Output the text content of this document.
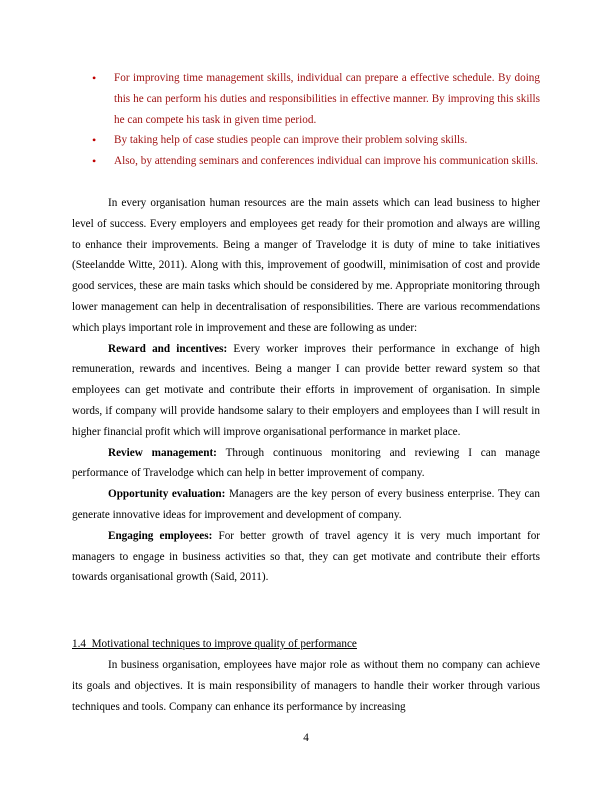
• For improving time management skills, individual can prepare a effective schedule. By doing this he can perform his duties and responsibilities in effective manner. By improving this skills he can compete his task in given time period.
• By taking help of case studies people can improve their problem solving skills.
• Also, by attending seminars and conferences individual can improve his communication skills.

In every organisation human resources are the main assets which can lead business to higher level of success. Every employers and employees get ready for their promotion and always are willing to enhance their improvements. Being a manger of Travelodge it is duty of mine to take initiatives (Steelandde Witte, 2011). Along with this, improvement of goodwill, minimisation of cost and provide good services, these are main tasks which should be considered by me. Appropriate monitoring through lower management can help in decentralisation of responsibilities. There are various recommendations which plays important role in improvement and these are following as under:

Reward and incentives: Every worker improves their performance in exchange of high remuneration, rewards and incentives. Being a manger I can provide better reward system so that employees can get motivate and contribute their efforts in improvement of organisation. In simple words, if company will provide handsome salary to their employers and employees than I will result in higher financial profit which will improve organisational performance in market place.

Review management: Through continuous monitoring and reviewing I can manage performance of Travelodge which can help in better improvement of company.

Opportunity evaluation: Managers are the key person of every business enterprise. They can generate innovative ideas for improvement and development of company.

Engaging employees: For better growth of travel agency it is very much important for managers to engage in business activities so that, they can get motivate and contribute their efforts towards organisational growth (Said, 2011).

1.4 Motivational techniques to improve quality of performance

In business organisation, employees have major role as without them no company can achieve its goals and objectives. It is main responsibility of managers to handle their worker through various techniques and tools. Company can enhance its performance by increasing

4
